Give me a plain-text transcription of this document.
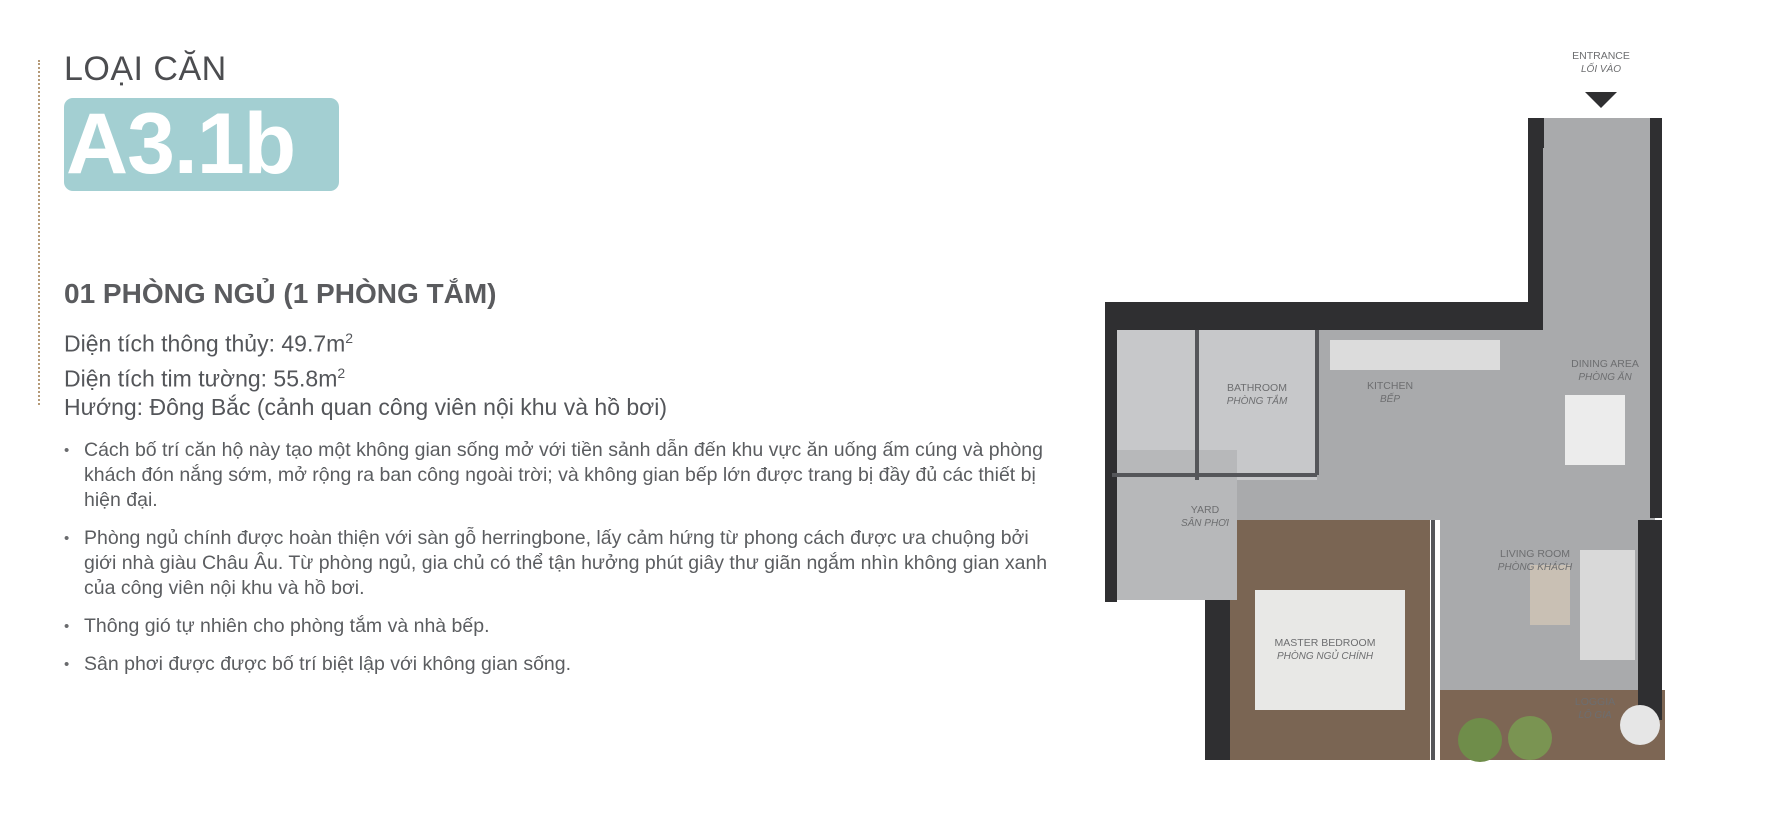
LOẠI CĂN
A3.1b
01 PHÒNG NGỦ (1 PHÒNG TẮM)
Diện tích thông thủy: $49.7m^2$
Diện tích tim tường: $55.8m^2$
Hướng: Đông Bắc (cảnh quan công viên nội khu và hồ bơi)
• Cách bố trí căn hộ này tạo một không gian sống mở với tiền sảnh dẫn đến khu vực ăn uống ấm cúng và phòng khách đón nắng sớm, mở rộng ra ban công ngoài trời; và không gian bếp lớn được trang bị đầy đủ các thiết bị hiện đại.
• Phòng ngủ chính được hoàn thiện với sàn gỗ herringbone, lấy cảm hứng từ phong cách được ưa chuộng bởi giới nhà giàu Châu Âu. Từ phòng ngủ, gia chủ có thể tận hưởng phút giây thư giãn ngắm nhìn không gian xanh của công viên nội khu và hồ bơi.
• Thông gió tự nhiên cho phòng tắm và nhà bếp.
• Sân phơi được được bố trí biệt lập với không gian sống.
ENTRANCE
LỐI VÀO
DINING AREA
PHÒNG ĂN
KITCHEN
BẾP
BATHROOM
PHÒNG TẮM
YARD
SÂN PHƠI
LIVING ROOM
PHÒNG KHÁCH
MASTER BEDROOM
PHÒNG NGỦ CHÍNH
LOGGIA
LÔ GIA
